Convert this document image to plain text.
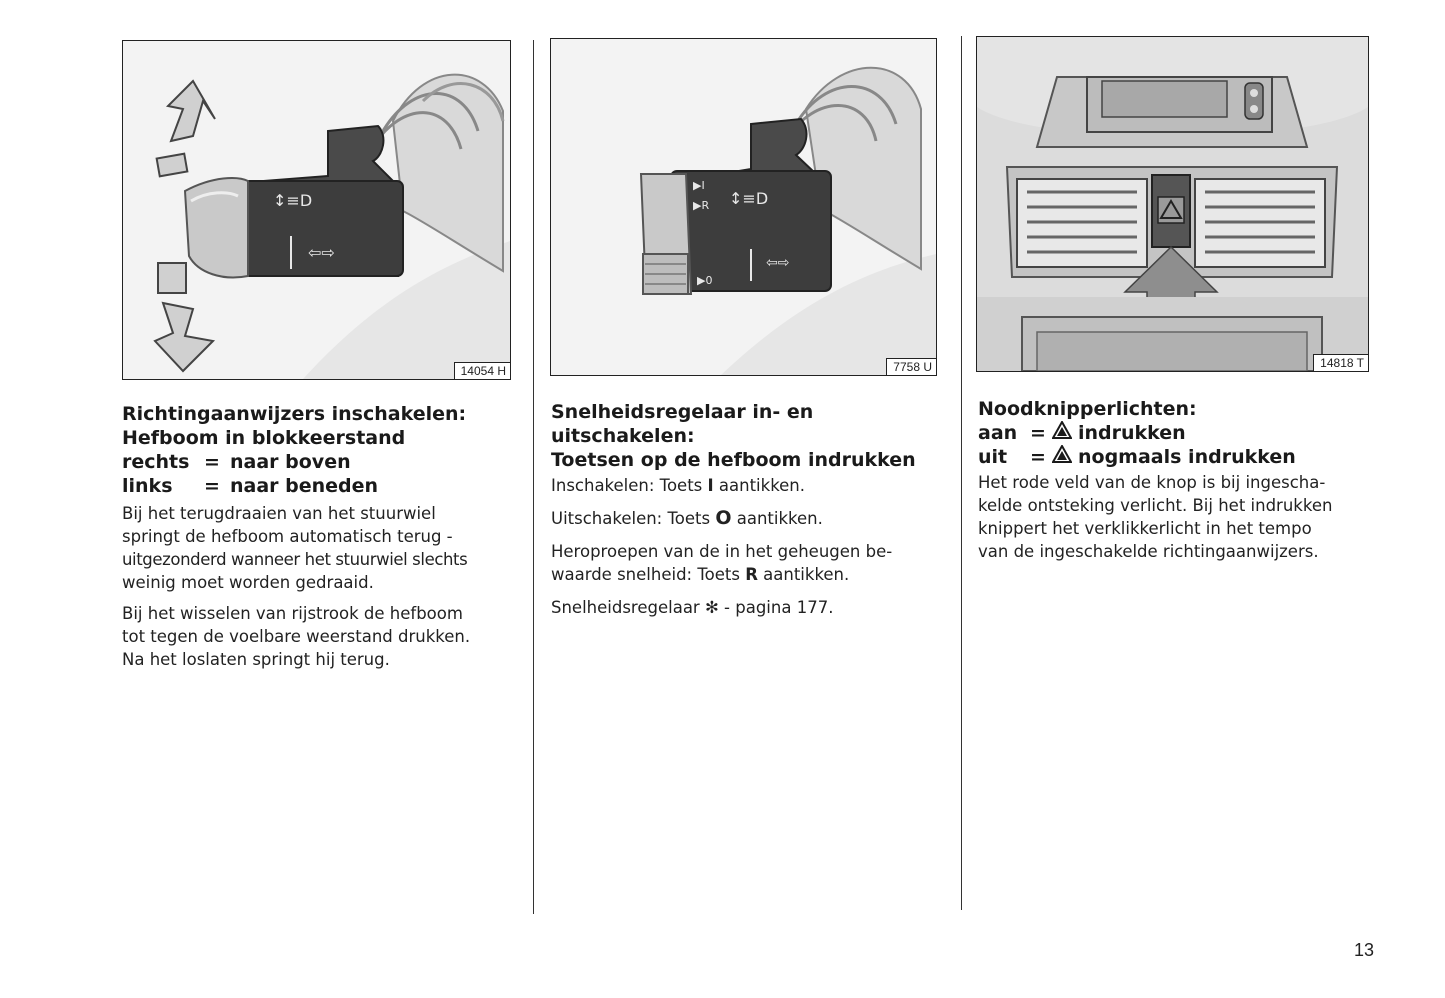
↕≡D
⇦⇨
14054 H
▶I
▶R ↕≡D
▶0
⇦⇨
7758 U	14818 T
Richtingaanwijzers inschakelen:
Hefboom in blokkeerstand
rechts = naar boven
links	= naar beneden
Bij het terugdraaien van het stuurwiel
springt de hefboom automatisch terug -
uitgezonderd wanneer het stuurwiel slechts
weinig moet worden gedraaid.
Bij het wisselen van rijstrook de hefboom
tot tegen de voelbare weerstand drukken.
Na het loslaten springt hij terug.
Snelheidsregelaar in- en
uitschakelen:
Toetsen op de hefboom indrukken
Inschakelen: Toets I aantikken.
Uitschakelen: Toets O aantikken.
Heroproepen van de in het geheugen be-
waarde snelheid: Toets R aantikken.
Snelheidsregelaar ✻ - pagina 177.
Noodknipperlichten:
aan =	indrukken
uit	=	nogmaals indrukken
Het rode veld van de knop is bij ingescha-
kelde ontsteking verlicht. Bij het indrukken
knippert het verklikkerlicht in het tempo
van de ingeschakelde richtingaanwijzers.
13
